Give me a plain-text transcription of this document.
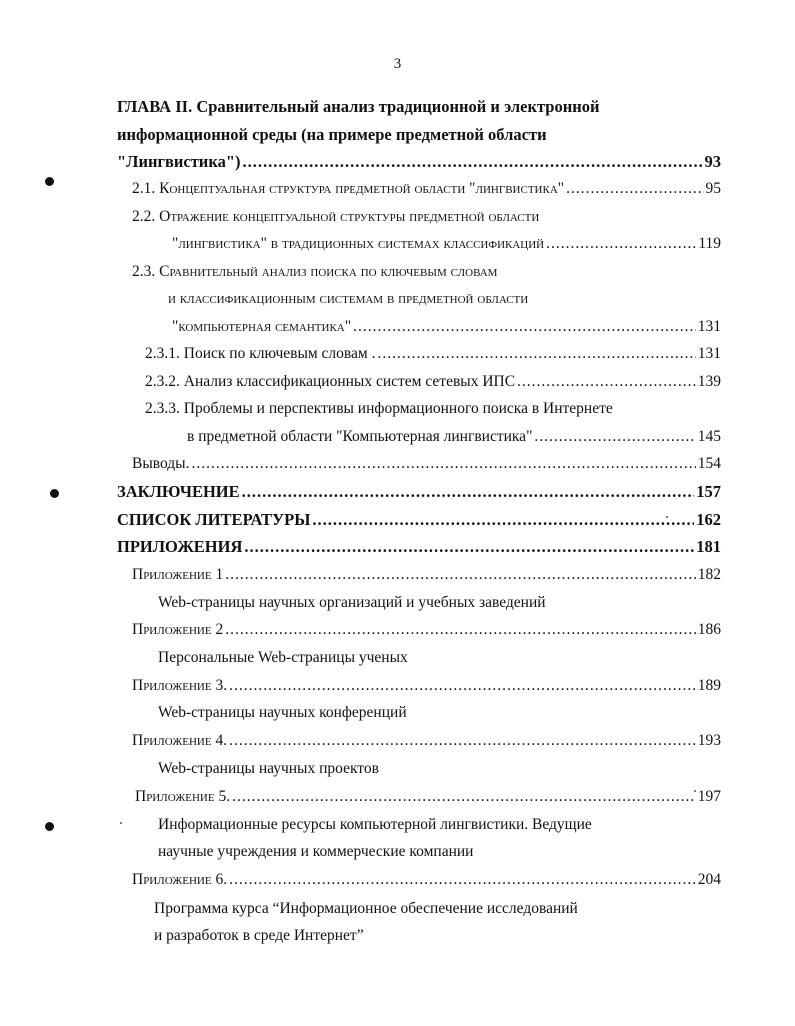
3
ГЛАВА II. Сравнительный анализ традиционной и электронной
информационной среды (на примере предметной области
"Лингвистика") .....	93
2.1. Концептуальная структура предметной области "лингвистика" .....	95
2.2. Отражение концептуальной структуры предметной области
"лингвистика" в традиционных системах классификаций .....	119
2.3. Сравнительный анализ поиска по ключевым словам
и классификационным системам в предметной области
"компьютерная семантика" .....	131
2.3.1. Поиск по ключевым словам . .....	131
2.3.2. Анализ классификационных систем сетевых ИПС .....	139
2.3.3. Проблемы и перспективы информационного поиска в Интернете
в предметной области "Компьютерная лингвистика" .....	145
Выводы. .....	154
ЗАКЛЮЧЕНИЕ .....	157
СПИСОК ЛИТЕРАТУРЫ .....	162
ПРИЛОЖЕНИЯ .....	181
Приложение 1 .....	182
Web-страницы научных организаций и учебных заведений
Приложение 2 .....	186
Персональные Web-страницы ученых
Приложение 3. .....	189
Web-страницы научных конференций
Приложение 4. .....	193
Web-страницы научных проектов
Приложение 5. .....	197
Информационные ресурсы компьютерной лингвистики. Ведущие
научные учреждения и коммерческие компании
Приложение 6. .....	204
Программа курса “Информационное обеспечение исследований
и разработок в среде Интернет”
